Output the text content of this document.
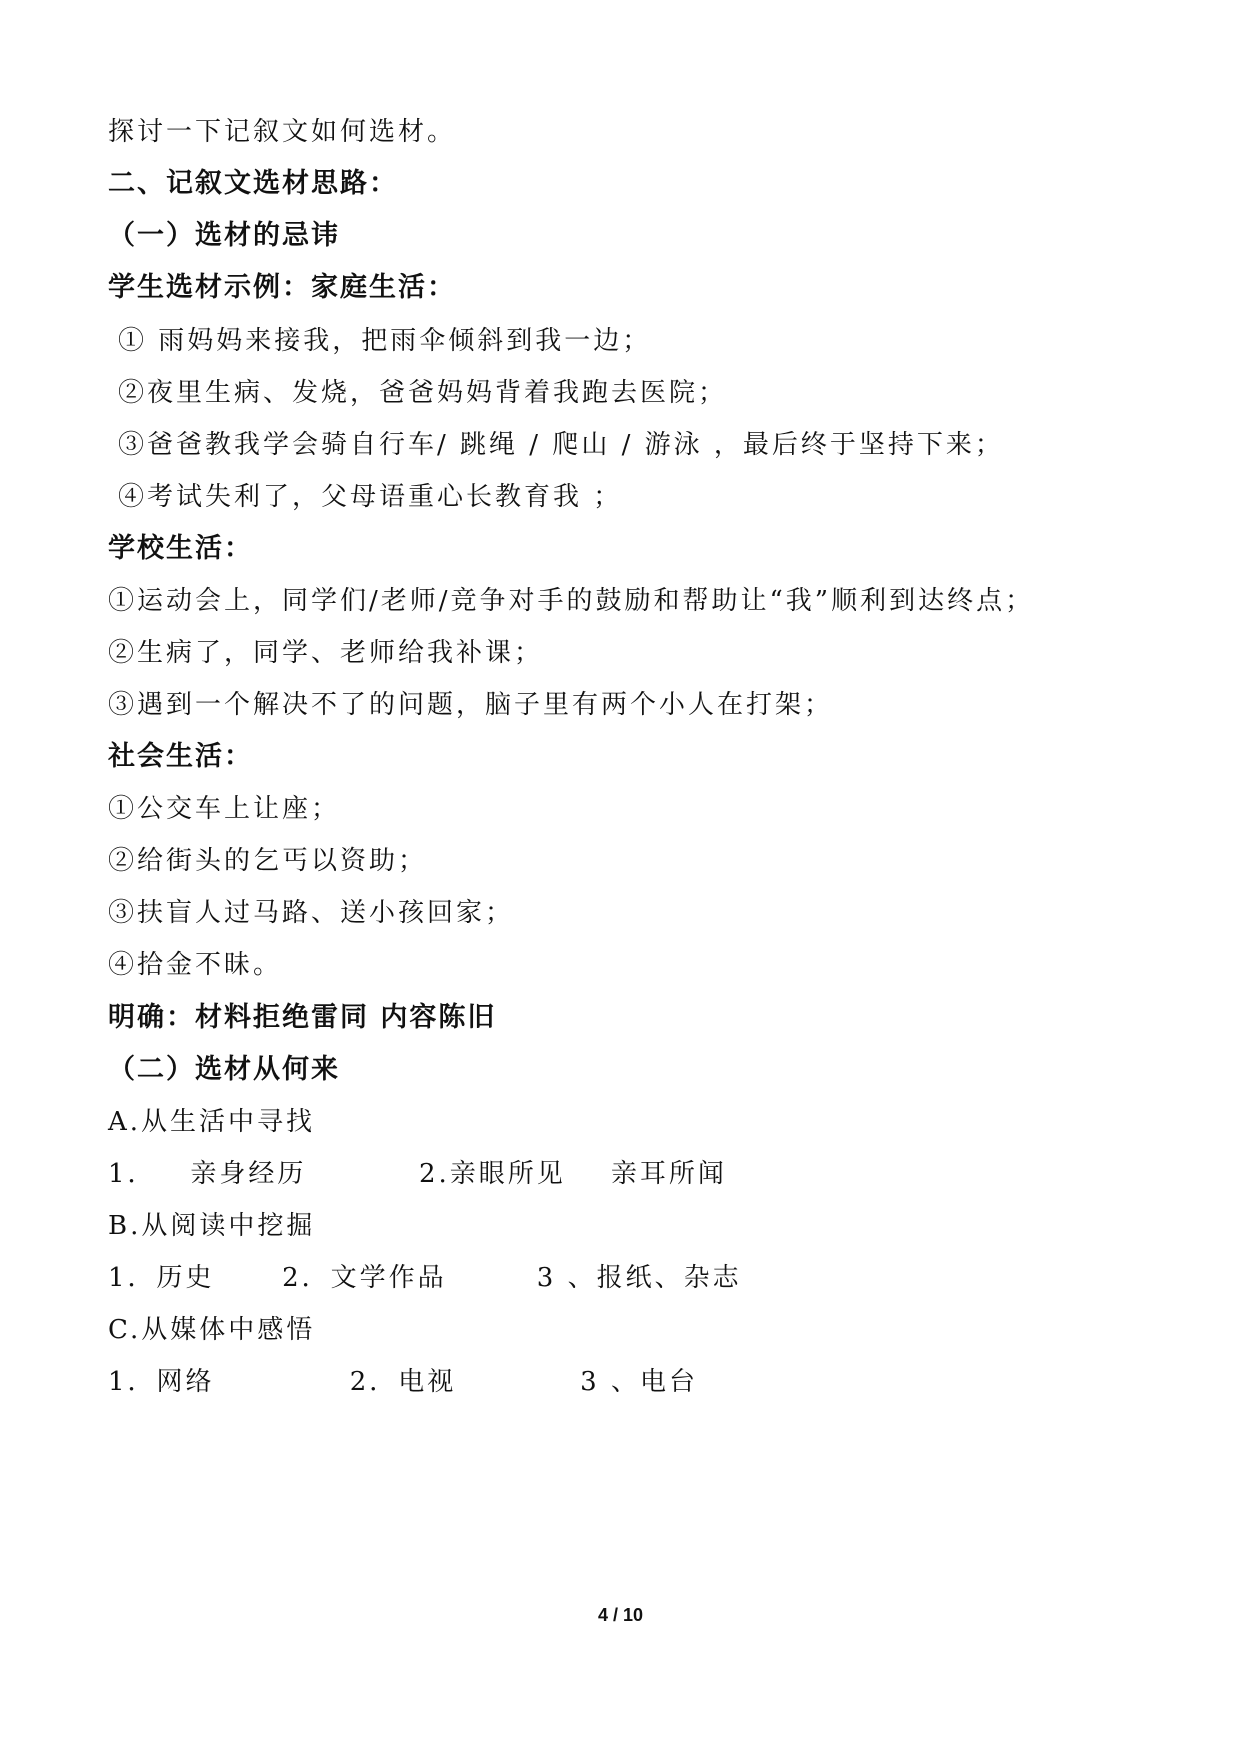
探讨一下记叙文如何选材。
二、记叙文选材思路：
（一）选材的忌讳
学生选材示例：家庭生活：
① 雨妈妈来接我，把雨伞倾斜到我一边；
②夜里生病、发烧，爸爸妈妈背着我跑去医院；
③爸爸教我学会骑自行车/ 跳绳 / 爬山 / 游泳 ，最后终于坚持下来；
④考试失利了，父母语重心长教育我 ；
学校生活：
①运动会上，同学们/老师/竞争对手的鼓励和帮助让“我”顺利到达终点；
②生病了，同学、老师给我补课；
③遇到一个解决不了的问题，脑子里有两个小人在打架；
社会生活：
①公交车上让座；
②给街头的乞丐以资助；
③扶盲人过马路、送小孩回家；
④拾金不昧。
明确：材料拒绝雷同 内容陈旧
（二）选材从何来
A.从生活中寻找
1．   亲身经历          2.亲眼所见    亲耳所闻
B.从阅读中挖掘
1．历史      2．文学作品        3 、报纸、杂志
C.从媒体中感悟
1．网络            2．电视           3 、电台
4 / 10
